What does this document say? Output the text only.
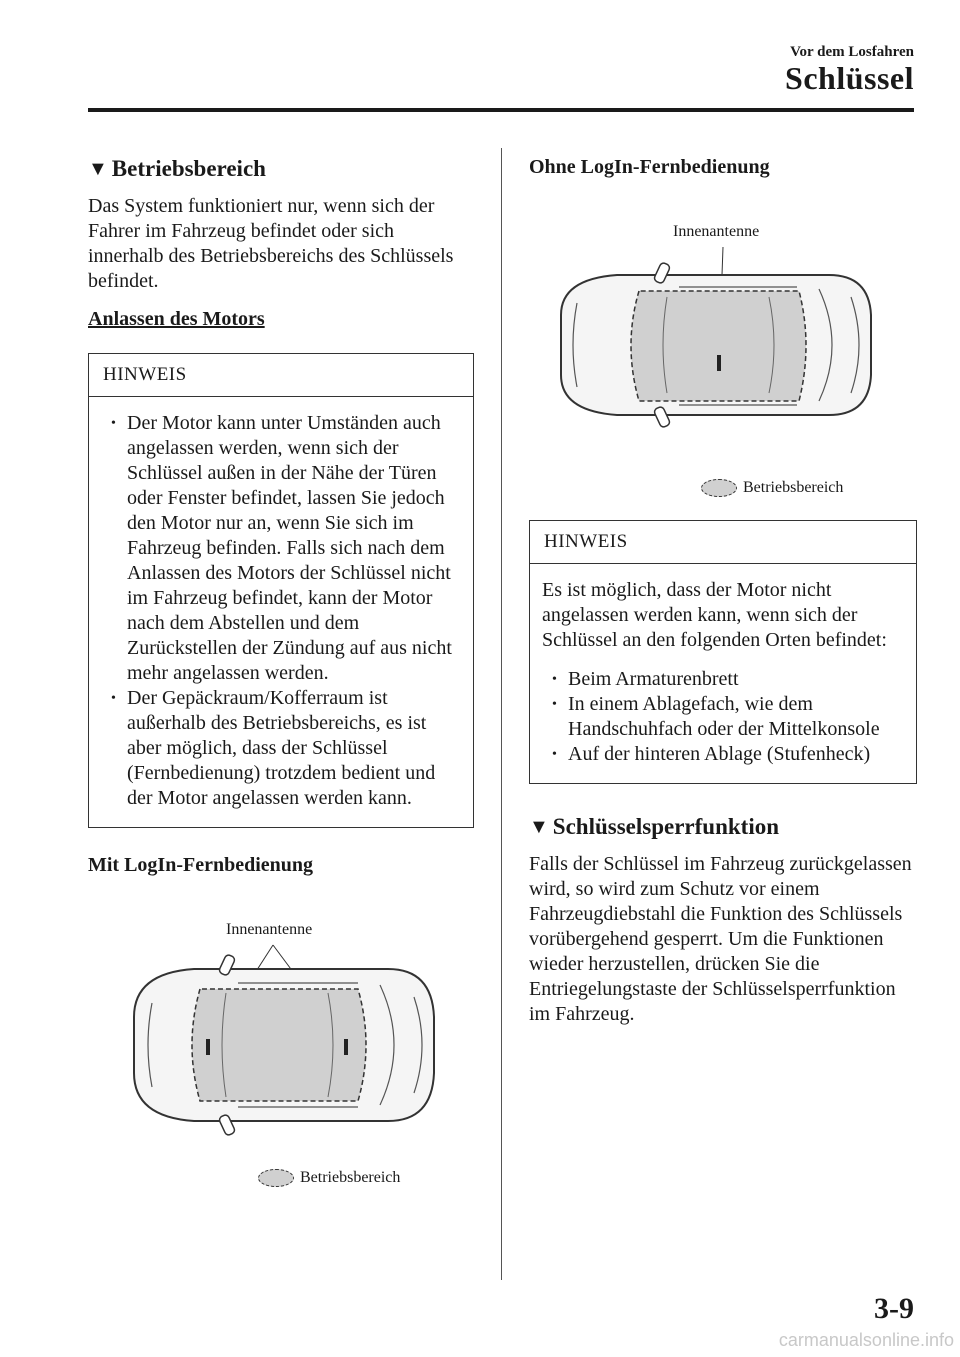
Vor dem Losfahren
Schlüssel
▼ Betriebsbereich

Das System funktioniert nur, wenn sich der Fahrer im Fahrzeug befindet oder sich innerhalb des Betriebsbereichs des Schlüssels befindet.

Anlassen des Motors
HINWEIS
• Der Motor kann unter Umständen auch angelassen werden, wenn sich der Schlüssel außen in der Nähe der Türen oder Fenster befindet, lassen Sie jedoch den Motor nur an, wenn Sie sich im Fahrzeug befinden. Falls sich nach dem Anlassen des Motors der Schlüssel nicht im Fahrzeug befindet, kann der Motor nach dem Abstellen und dem Zurückstellen der Zündung auf aus nicht mehr angelassen werden.
• Der Gepäckraum/Kofferraum ist außerhalb des Betriebsbereichs, es ist aber möglich, dass der Schlüssel (Fernbedienung) trotzdem bedient und der Motor angelassen werden kann.
Mit LogIn-Fernbedienung
Innenantenne
Betriebsbereich
Ohne LogIn-Fernbedienung
Innenantenne
Betriebsbereich
HINWEIS

Es ist möglich, dass der Motor nicht angelassen werden kann, wenn sich der Schlüssel an den folgenden Orten befindet:

• Beim Armaturenbrett
• In einem Ablagefach, wie dem Handschuhfach oder der Mittelkonsole
• Auf der hinteren Ablage (Stufenheck)
▼ Schlüsselsperrfunktion

Falls der Schlüssel im Fahrzeug zurückgelassen wird, so wird zum Schutz vor einem Fahrzeugdiebstahl die Funktion des Schlüssels vorübergehend gesperrt. Um die Funktionen wieder herzustellen, drücken Sie die Entriegelungstaste der Schlüsselsperrfunktion im Fahrzeug.

3-9
carmanualsonline.info
